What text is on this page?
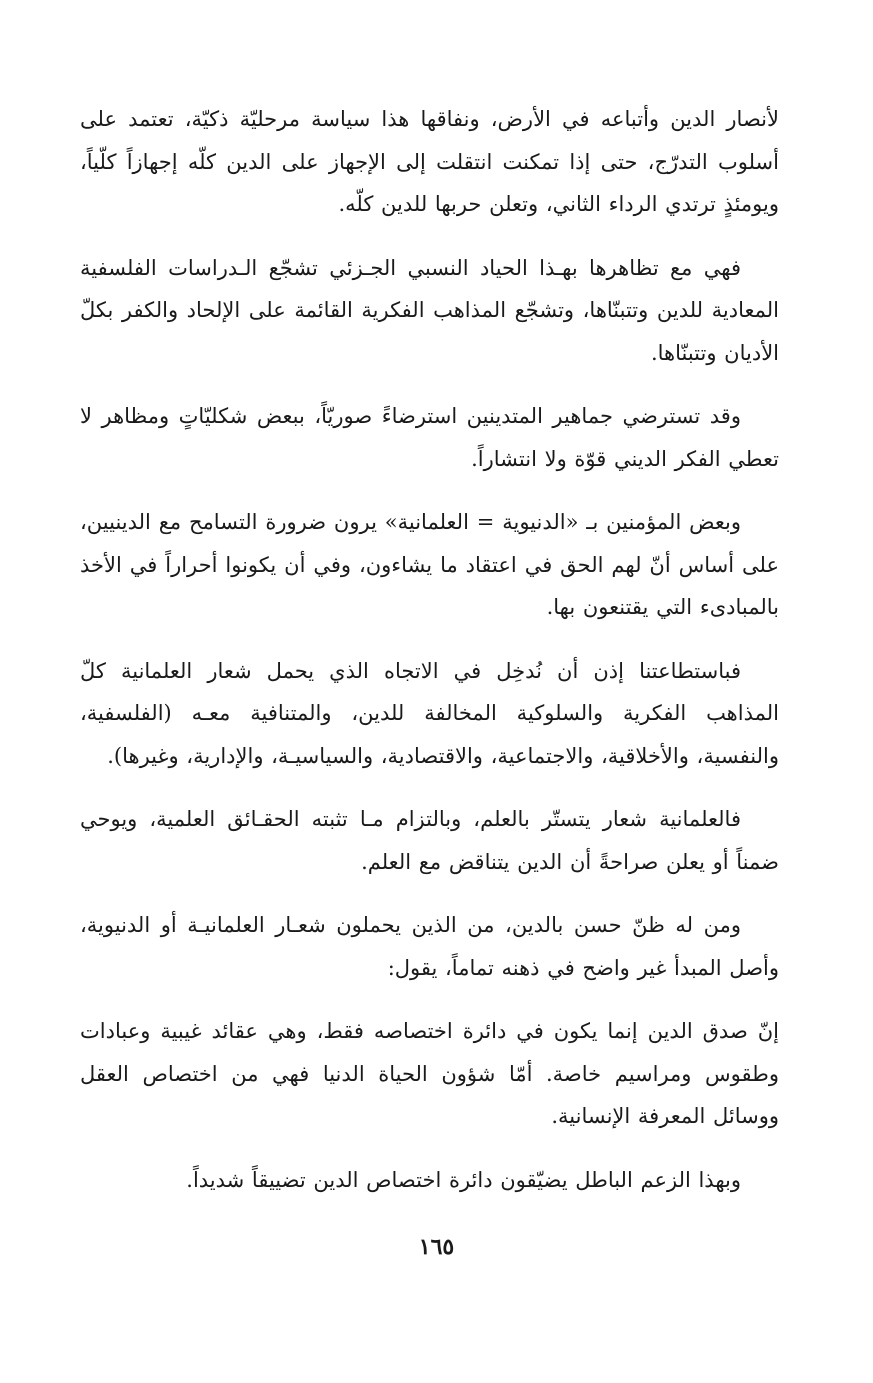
لأنصار الدين وأتباعه في الأرض، ونفاقها هذا سياسة مرحليّة ذكيّة، تعتمد على أسلوب التدرّج، حتى إذا تمكنت انتقلت إلى الإجهاز على الدين كلّه إجهازاً كلّياً، ويومئذٍ ترتدي الرداء الثاني، وتعلن حربها للدين كلّه.

فهي مع تظاهرها بهـذا الحياد النسبي الجـزئي تشجّع الـدراسات الفلسفية المعادية للدين وتتبنّاها، وتشجّع المذاهب الفكرية القائمة على الإلحاد والكفر بكلّ الأديان وتتبنّاها.

وقد تسترضي جماهير المتدينين استرضاءً صوريّاً، ببعض شكليّاتٍ ومظاهر لا تعطي الفكر الديني قوّة ولا انتشاراً.

وبعض المؤمنين بـ «الدنيوية = العلمانية» يرون ضرورة التسامح مع الدينيين، على أساس أنّ لهم الحق في اعتقاد ما يشاءون، وفي أن يكونوا أحراراً في الأخذ بالمبادىء التي يقتنعون بها.

فباستطاعتنا إذن أن نُدخِل في الاتجاه الذي يحمل شعار العلمانية كلّ المذاهب الفكرية والسلوكية المخالفة للدين، والمتنافية معـه (الفلسفية، والنفسية، والأخلاقية، والاجتماعية، والاقتصادية، والسياسيـة، والإدارية، وغيرها).

فالعلمانية شعار يتستّر بالعلم، وبالتزام مـا تثبته الحقـائق العلمية، ويوحي ضمناً أو يعلن صراحةً أن الدين يتناقض مع العلم.

ومن له ظنّ حسن بالدين، من الذين يحملون شعـار العلمانيـة أو الدنيوية، وأصل المبدأ غير واضح في ذهنه تماماً، يقول:

إنّ صدق الدين إنما يكون في دائرة اختصاصه فقط، وهي عقائد غيبية وعبادات وطقوس ومراسيم خاصة. أمّا شؤون الحياة الدنيا فهي من اختصاص العقل ووسائل المعرفة الإنسانية.

وبهذا الزعم الباطل يضيّقون دائرة اختصاص الدين تضييقاً شديداً.

١٦٥
